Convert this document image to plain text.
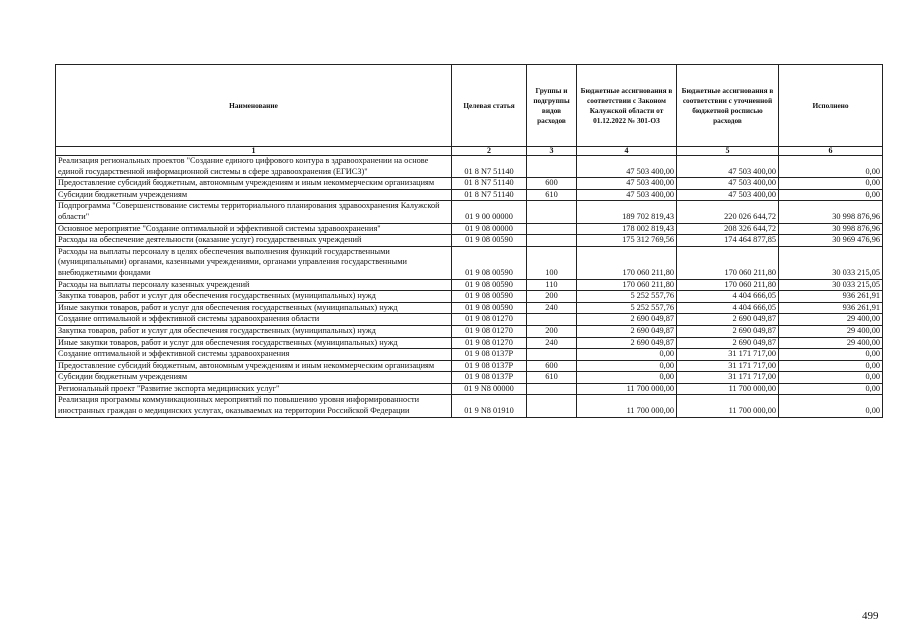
Наименование	Целевая статья	Группы и подгруппы видов расходов	Бюджетные ассигнования в соответствии с Законом Калужской области от 01.12.2022 № 301-ОЗ	Бюджетные ассигнования в соответствии с уточненной бюджетной росписью расходов	Исполнено
1	2	3	4	5	6
Реализация региональных проектов "Создание единого цифрового контура в здравоохранении на основе единой государственной информационной системы в сфере здравоохранения (ЕГИСЗ)"	01 8 N7 51140		47 503 400,00	47 503 400,00	0,00
Предоставление субсидий бюджетным, автономным учреждениям и иным некоммерческим организациям	01 8 N7 51140	600	47 503 400,00	47 503 400,00	0,00
Субсидии бюджетным учреждениям	01 8 N7 51140	610	47 503 400,00	47 503 400,00	0,00
Подпрограмма "Совершенствование системы территориального планирования здравоохранения Калужской области"	01 9 00 00000		189 702 819,43	220 026 644,72	30 998 876,96
Основное мероприятие "Создание оптимальной и эффективной системы здравоохранения"	01 9 08 00000		178 002 819,43	208 326 644,72	30 998 876,96
Расходы на обеспечение деятельности (оказание услуг) государственных учреждений	01 9 08 00590		175 312 769,56	174 464 877,85	30 969 476,96
Расходы на выплаты персоналу в целях обеспечения выполнения функций государственными (муниципальными) органами, казенными учреждениями, органами управления государственными внебюджетными фондами	01 9 08 00590	100	170 060 211,80	170 060 211,80	30 033 215,05
Расходы на выплаты персоналу казенных учреждений	01 9 08 00590	110	170 060 211,80	170 060 211,80	30 033 215,05
Закупка товаров, работ и услуг для обеспечения государственных (муниципальных) нужд	01 9 08 00590	200	5 252 557,76	4 404 666,05	936 261,91
Иные закупки товаров, работ и услуг для обеспечения государственных (муниципальных) нужд	01 9 08 00590	240	5 252 557,76	4 404 666,05	936 261,91
Создание оптимальной и эффективной системы здравоохранения области	01 9 08 01270		2 690 049,87	2 690 049,87	29 400,00
Закупка товаров, работ и услуг для обеспечения государственных (муниципальных) нужд	01 9 08 01270	200	2 690 049,87	2 690 049,87	29 400,00
Иные закупки товаров, работ и услуг для обеспечения государственных (муниципальных) нужд	01 9 08 01270	240	2 690 049,87	2 690 049,87	29 400,00
Создание оптимальной и эффективной системы здравоохранения	01 9 08 0137Р		0,00	31 171 717,00	0,00
Предоставление субсидий бюджетным, автономным учреждениям и иным некоммерческим организациям	01 9 08 0137Р	600	0,00	31 171 717,00	0,00
Субсидии бюджетным учреждениям	01 9 08 0137Р	610	0,00	31 171 717,00	0,00
Региональный проект "Развитие экспорта медицинских услуг"	01 9 N8 00000		11 700 000,00	11 700 000,00	0,00
Реализация программы коммуникационных мероприятий по повышению уровня информированности иностранных граждан о медицинских услугах, оказываемых на территории Российской Федерации	01 9 N8 01910		11 700 000,00	11 700 000,00	0,00
499
